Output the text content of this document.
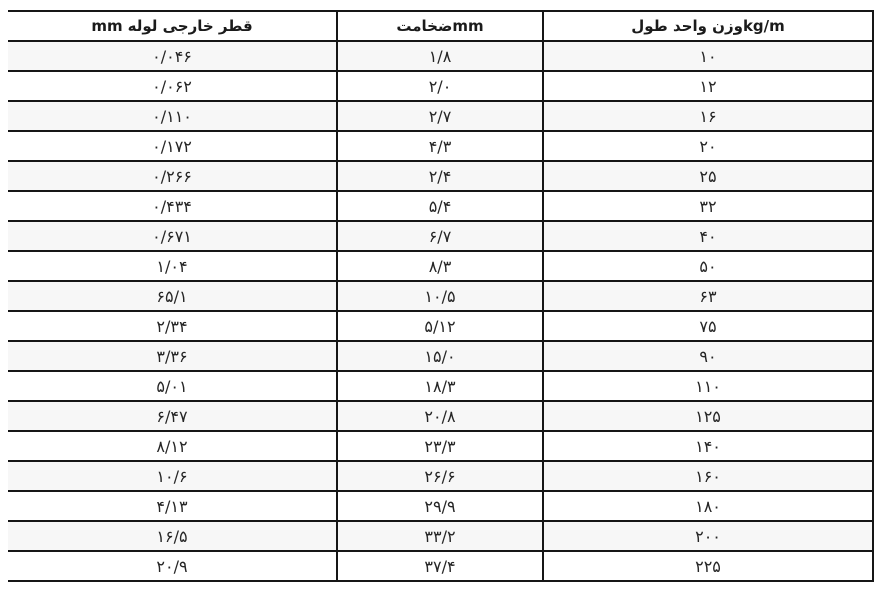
mm قطر خارجی لوله	ضخامتmm	وزن واحد طولkg/m
۰/۰۴۶	۱/۸	۱۰
۰/۰۶۲	۲/۰	۱۲
۰/۱۱۰	۲/۷	۱۶
۰/۱۷۲	۴/۳	۲۰
۰/۲۶۶	۲/۴	۲۵
۰/۴۳۴	۵/۴	۳۲
۰/۶۷۱	۶/۷	۴۰
۱/۰۴	۸/۳	۵۰
۶۵/۱	۱۰/۵	۶۳
۲/۳۴	۵/۱۲	۷۵
۳/۳۶	۱۵/۰	۹۰
۵/۰۱	۱۸/۳	۱۱۰
۶/۴۷	۲۰/۸	۱۲۵
۸/۱۲	۲۳/۳	۱۴۰
۱۰/۶	۲۶/۶	۱۶۰
۴/۱۳	۲۹/۹	۱۸۰
۱۶/۵	۳۳/۲	۲۰۰
۲۰/۹	۳۷/۴	۲۲۵
